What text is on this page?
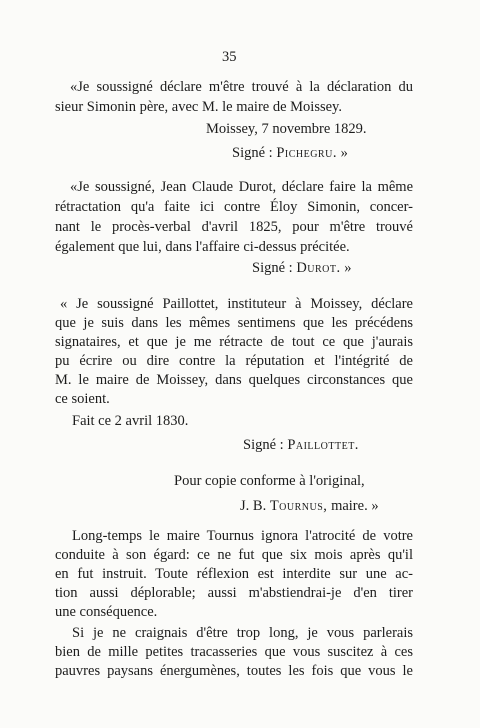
35
«Je soussigné déclare m'être trouvé à la déclaration du
sieur Simonin père, avec M. le maire de Moissey.
Moissey, 7 novembre 1829.
Signé : Pichegru. »
«Je soussigné, Jean Claude Durot, déclare faire la même
rétractation qu'a faite ici contre Éloy Simonin, concer-
nant le procès-verbal d'avril 1825, pour m'être trouvé
également que lui, dans l'affaire ci-dessus précitée.
Signé : Durot. »
« Je soussigné Paillottet, instituteur à Moissey, déclare
que je suis dans les mêmes sentimens que les précédens
signataires, et que je me rétracte de tout ce que j'aurais
pu écrire ou dire contre la réputation et l'intégrité de
M. le maire de Moissey, dans quelques circonstances que
ce soient.
Fait ce 2 avril 1830.
Signé : Paillottet.
Pour copie conforme à l'original,
J. B. Tournus, maire. »
Long-temps le maire Tournus ignora l'atrocité de votre
conduite à son égard: ce ne fut que six mois après qu'il
en fut instruit. Toute réflexion est interdite sur une ac-
tion aussi déplorable; aussi m'abstiendrai-je d'en tirer
une conséquence.
Si je ne craignais d'être trop long, je vous parlerais
bien de mille petites tracasseries que vous suscitez à ces
pauvres paysans énergumènes, toutes les fois que vous le
